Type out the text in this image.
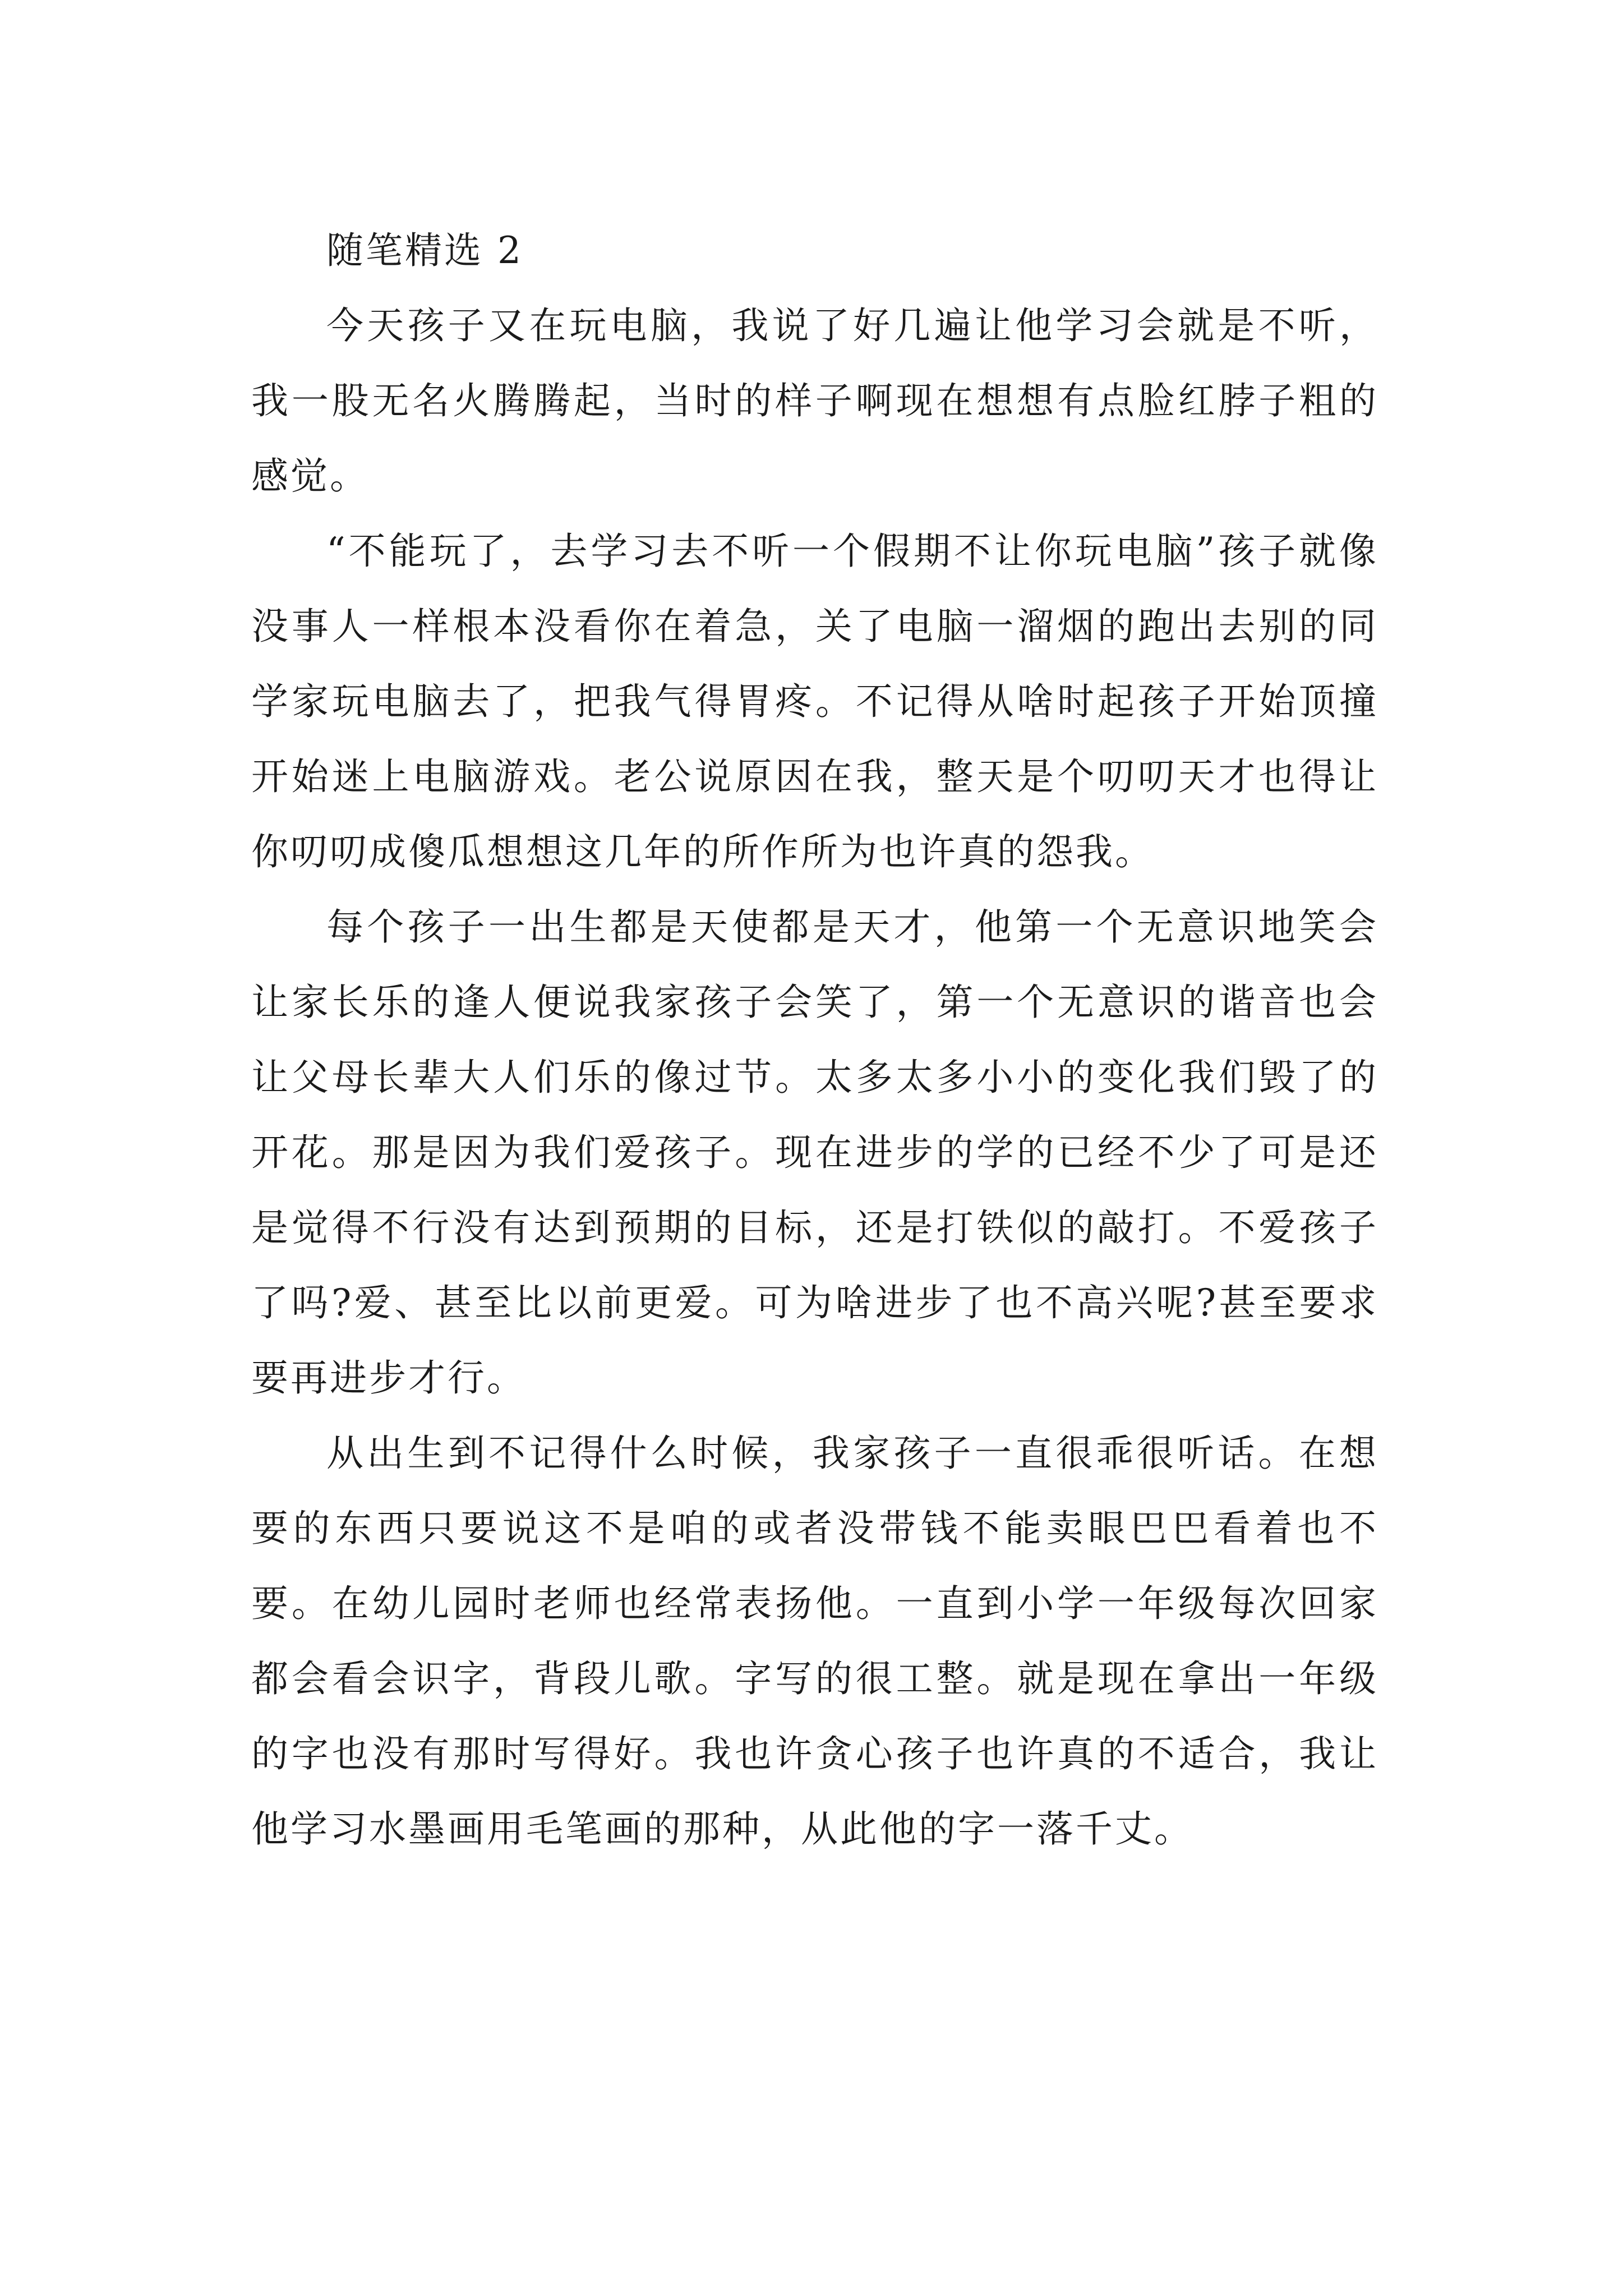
随笔精选 2

今天孩子又在玩电脑，我说了好几遍让他学习会就是不听，我一股无名火腾腾起，当时的样子啊现在想想有点脸红脖子粗的感觉。

“不能玩了，去学习去不听一个假期不让你玩电脑”孩子就像没事人一样根本没看你在着急，关了电脑一溜烟的跑出去别的同学家玩电脑去了，把我气得胃疼。不记得从啥时起孩子开始顶撞开始迷上电脑游戏。老公说原因在我，整天是个叨叨天才也得让你叨叨成傻瓜想想这几年的所作所为也许真的怨我。

每个孩子一出生都是天使都是天才，他第一个无意识地笑会让家长乐的逢人便说我家孩子会笑了，第一个无意识的谐音也会让父母长辈大人们乐的像过节。太多太多小小的变化我们毁了的开花。那是因为我们爱孩子。现在进步的学的已经不少了可是还是觉得不行没有达到预期的目标，还是打铁似的敲打。不爱孩子了吗?爱、甚至比以前更爱。可为啥进步了也不高兴呢?甚至要求要再进步才行。

从出生到不记得什么时候，我家孩子一直很乖很听话。在想要的东西只要说这不是咱的或者没带钱不能卖眼巴巴看着也不要。在幼儿园时老师也经常表扬他。一直到小学一年级每次回家都会看会识字，背段儿歌。字写的很工整。就是现在拿出一年级的字也没有那时写得好。我也许贪心孩子也许真的不适合，我让他学习水墨画用毛笔画的那种，从此他的字一落千丈。
